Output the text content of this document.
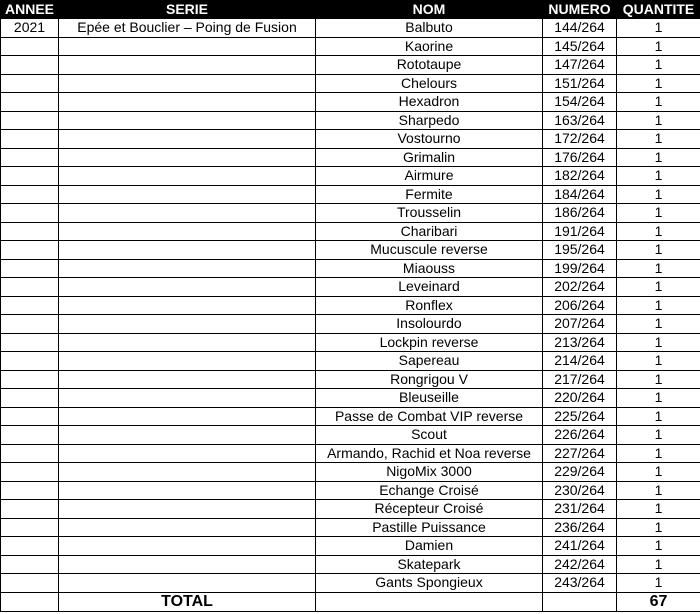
ANNEE	SERIE	NOM	NUMERO	QUANTITE
2021	Epée et Bouclier – Poing de Fusion	Balbuto	144/264	1
		Kaorine	145/264	1
		Rototaupe	147/264	1
		Chelours	151/264	1
		Hexadron	154/264	1
		Sharpedo	163/264	1
		Vostourno	172/264	1
		Grimalin	176/264	1
		Airmure	182/264	1
		Fermite	184/264	1
		Trousselin	186/264	1
		Charibari	191/264	1
		Mucuscule reverse	195/264	1
		Miaouss	199/264	1
		Leveinard	202/264	1
		Ronflex	206/264	1
		Insolourdo	207/264	1
		Lockpin reverse	213/264	1
		Sapereau	214/264	1
		Rongrigou V	217/264	1
		Bleuseille	220/264	1
		Passe de Combat VIP reverse	225/264	1
		Scout	226/264	1
		Armando, Rachid et Noa reverse	227/264	1
		NigoMix 3000	229/264	1
		Echange Croisé	230/264	1
		Récepteur Croisé	231/264	1
		Pastille Puissance	236/264	1
		Damien	241/264	1
		Skatepark	242/264	1
		Gants Spongieux	243/264	1
	TOTAL			67
